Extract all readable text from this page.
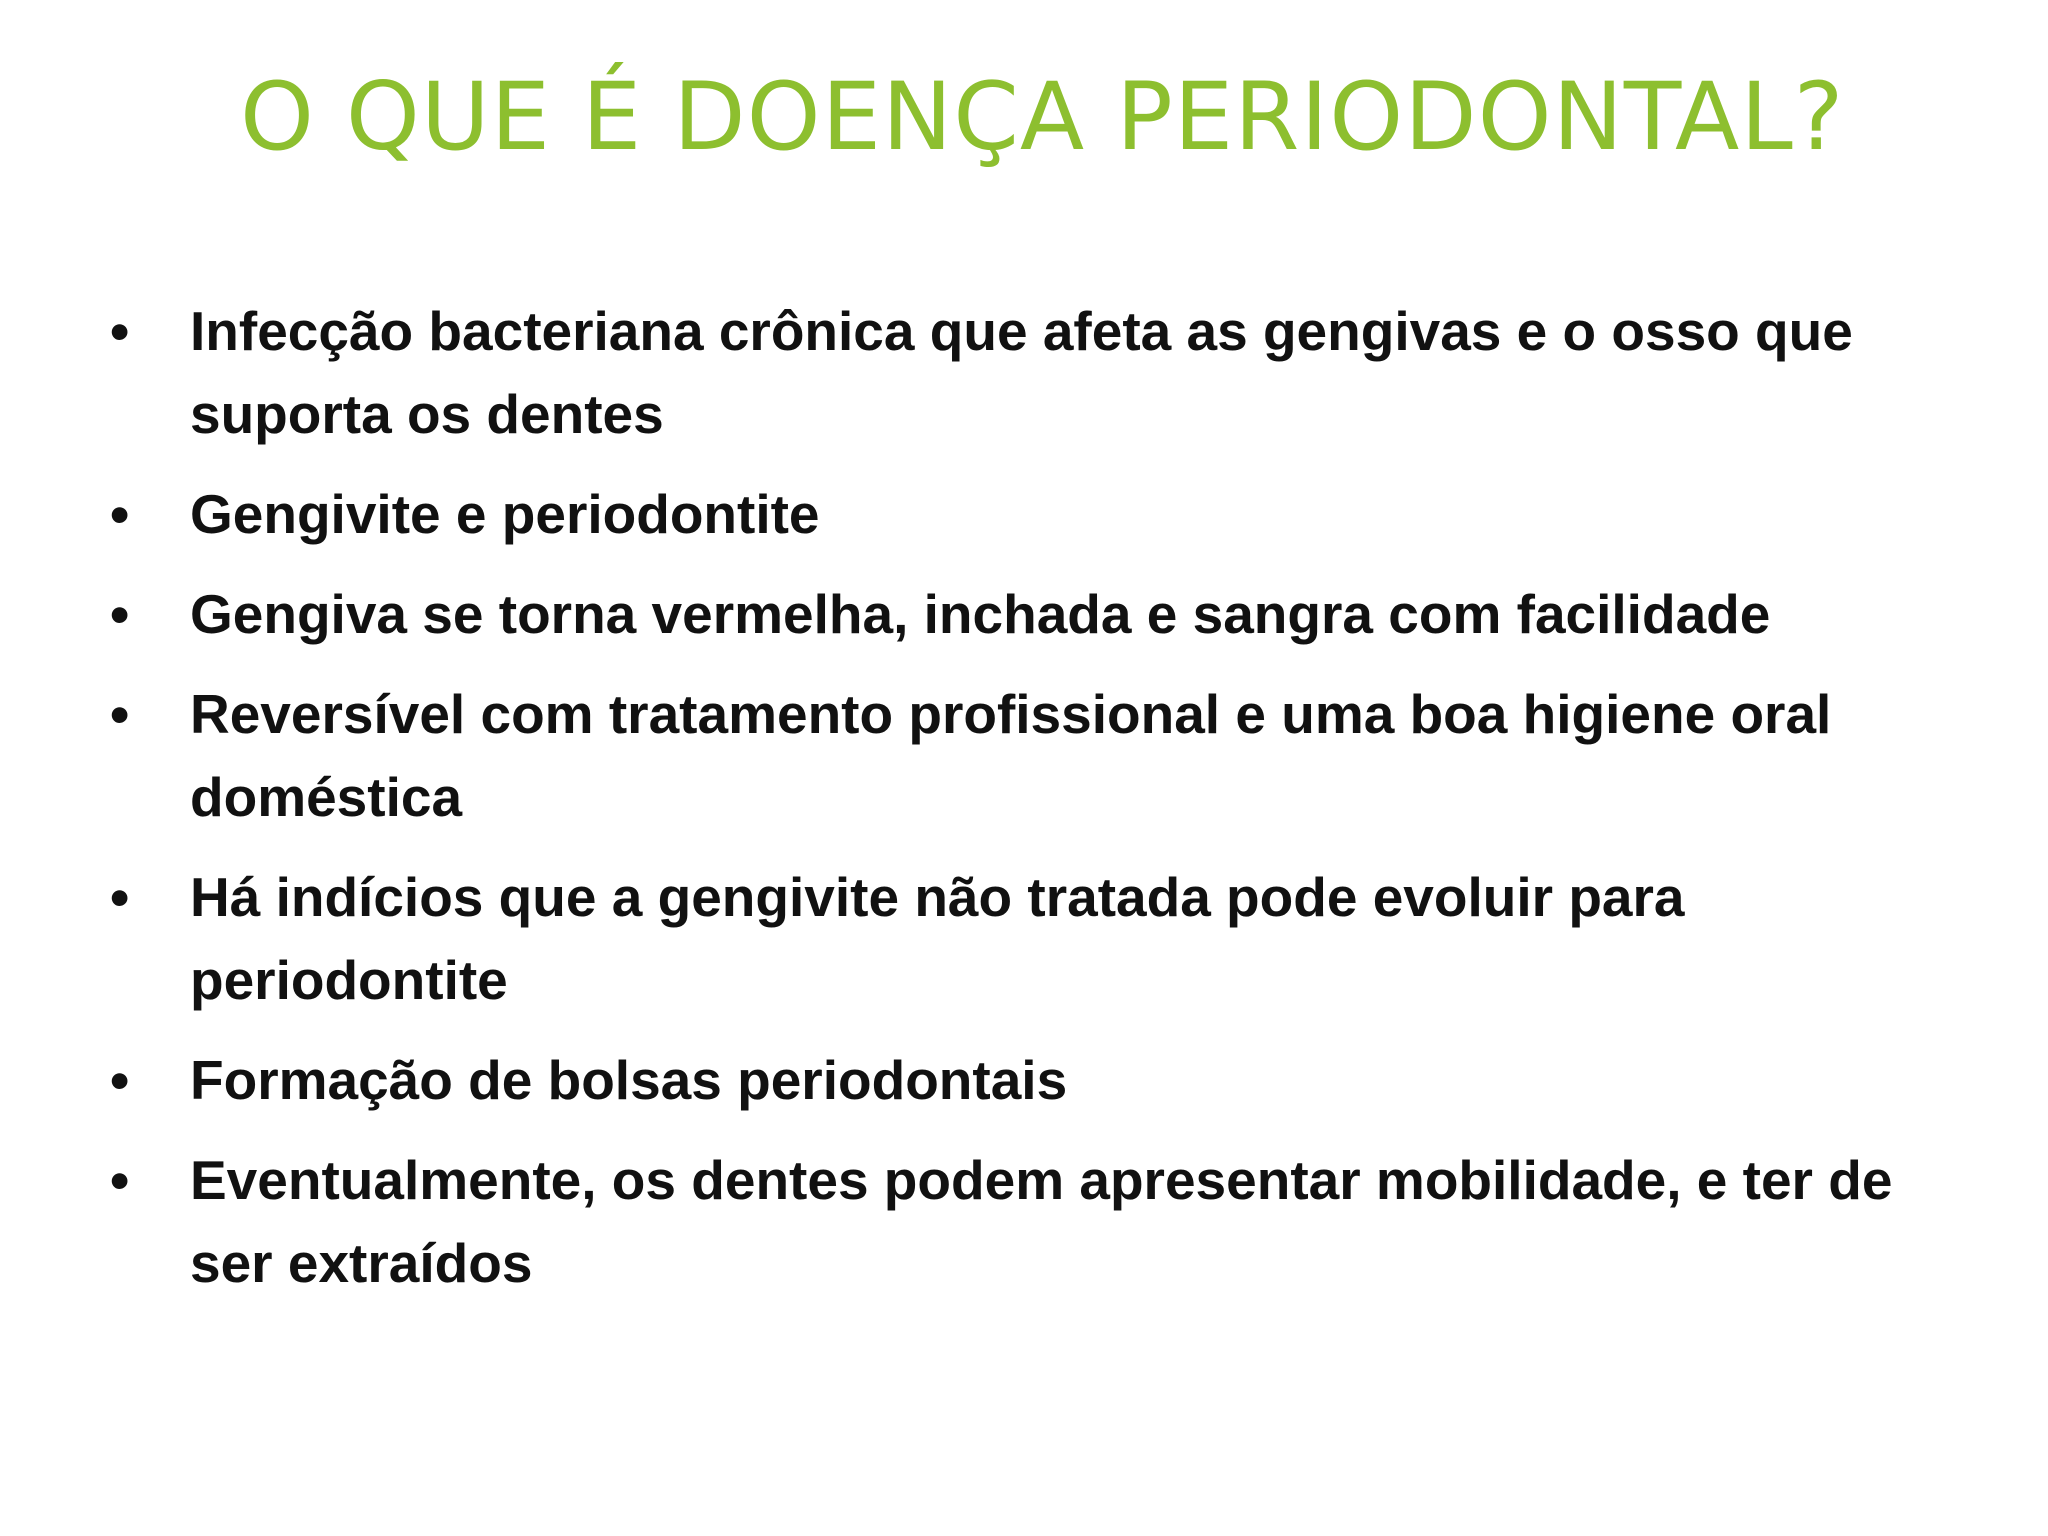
O QUE É DOENÇA PERIODONTAL?
•	Infecção bacteriana crônica que afeta as gengivas e o osso que suporta os dentes
•	Gengivite e periodontite
•	Gengiva se torna vermelha, inchada e sangra com facilidade
•	Reversível com tratamento profissional e uma boa higiene oral doméstica
•	Há indícios que a gengivite não tratada pode evoluir para periodontite
•	Formação de bolsas periodontais
•	Eventualmente, os dentes podem apresentar mobilidade, e ter de ser extraídos
